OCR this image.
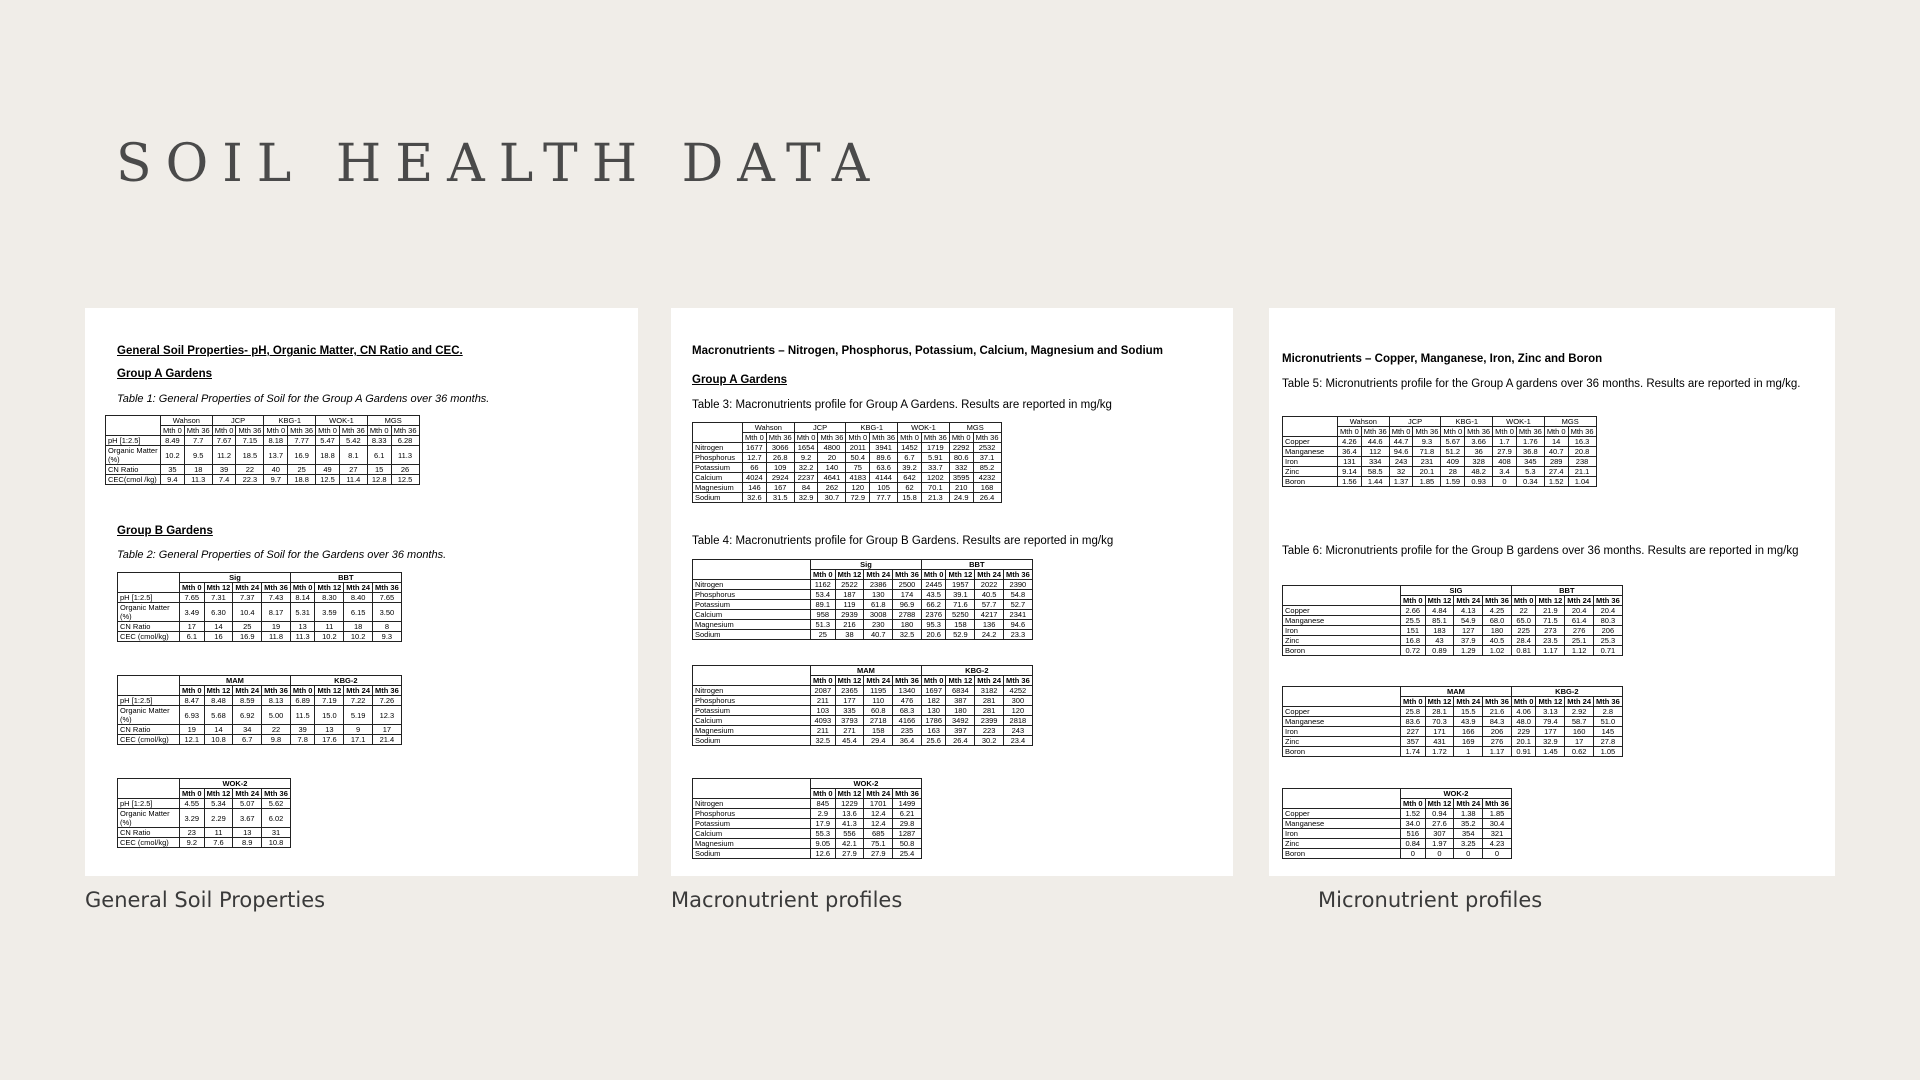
SOIL HEALTH DATA
General Soil Properties- pH, Organic Matter, CN Ratio and CEC.
Group A Gardens
Table 1: General Properties of Soil for the Group A Gardens over 36 months.
	Wahson		JCP		KBG-1		WOK-1		MGS	
	Mth 0	Mth 36	Mth 0	Mth 36	Mth 0	Mth 36	Mth 0	Mth 36	Mth 0	Mth 36
pH [1:2.5]	8.49	7.7	7.67	7.15	8.18	7.77	5.47	5.42	8.33	6.28
Organic Matter (%)	10.2	9.5	11.2	18.5	13.7	16.9	18.8	8.1	6.1	11.3
CN Ratio	35	18	39	22	40	25	49	27	15	26
CEC(cmol /kg)	9.4	11.3	7.4	22.3	9.7	18.8	12.5	11.4	12.8	12.5
Group B Gardens
Table 2: General Properties of Soil for the Gardens over 36 months.
	Sig				BBT			
	Mth 0	Mth 12	Mth 24	Mth 36	Mth 0	Mth 12	Mth 24	Mth 36
pH [1:2.5]	7.65	7.31	7.37	7.43	8.14	8.30	8.40	7.65
Organic Matter (%)	3.49	6.30	10.4	8.17	5.31	3.59	6.15	3.50
CN Ratio	17	14	25	19	13	11	18	8
CEC (cmol/kg)	6.1	16	16.9	11.8	11.3	10.2	10.2	9.3
	MAM				KBG-2			
	Mth 0	Mth 12	Mth 24	Mth 36	Mth 0	Mth 12	Mth 24	Mth 36
pH [1:2.5]	8.47	8.48	8.59	8.13	6.89	7.19	7.22	7.26
Organic Matter (%)	6.93	5.68	6.92	5.00	11.5	15.0	5.19	12.3
CN Ratio	19	14	34	22	39	13	9	17
CEC (cmol/kg)	12.1	10.8	6.7	9.8	7.8	17.6	17.1	21.4
	WOK-2			
	Mth 0	Mth 12	Mth 24	Mth 36
pH [1:2.5]	4.55	5.34	5.07	5.62
Organic Matter (%)	3.29	2.29	3.67	6.02
CN Ratio	23	11	13	31
CEC (cmol/kg)	9.2	7.6	8.9	10.8
Macronutrients – Nitrogen, Phosphorus, Potassium, Calcium, Magnesium and Sodium
Group A Gardens
Table 3: Macronutrients profile for Group A Gardens. Results are reported in mg/kg
	Wahson		JCP		KBG-1		WOK-1		MGS	
	Mth 0	Mth 36	Mth 0	Mth 36	Mth 0	Mth 36	Mth 0	Mth 36	Mth 0	Mth 36
Nitrogen	1677	3066	1654	4800	2011	3941	1452	1719	2292	2532
Phosphorus	12.7	26.8	9.2	20	50.4	89.6	6.7	5.91	80.6	37.1
Potassium	66	109	32.2	140	75	63.6	39.2	33.7	332	85.2
Calcium	4024	2924	2237	4641	4183	4144	642	1202	3595	4232
Magnesium	146	167	84	262	120	105	62	70.1	210	168
Sodium	32.6	31.5	32.9	30.7	72.9	77.7	15.8	21.3	24.9	26.4
Table 4: Macronutrients profile for Group B Gardens. Results are reported in mg/kg
	Sig				BBT			
	Mth 0	Mth 12	Mth 24	Mth 36	Mth 0	Mth 12	Mth 24	Mth 36
Nitrogen	1162	2522	2386	2500	2445	1957	2022	2390
Phosphorus	53.4	187	130	174	43.5	39.1	40.5	54.8
Potassium	89.1	119	61.8	96.9	66.2	71.6	57.7	52.7
Calcium	958	2939	3008	2788	2376	5250	4217	2341
Magnesium	51.3	216	230	180	95.3	158	136	94.6
Sodium	25	38	40.7	32.5	20.6	52.9	24.2	23.3
	MAM				KBG-2			
	Mth 0	Mth 12	Mth 24	Mth 36	Mth 0	Mth 12	Mth 24	Mth 36
Nitrogen	2087	2365	1195	1340	1697	6834	3182	4252
Phosphorus	211	177	110	476	182	387	281	300
Potassium	103	335	60.8	68.3	130	180	281	120
Calcium	4093	3793	2718	4166	1786	3492	2399	2818
Magnesium	211	271	158	235	163	397	223	243
Sodium	32.5	45.4	29.4	36.4	25.6	26.4	30.2	23.4
	WOK-2			
	Mth 0	Mth 12	Mth 24	Mth 36
Nitrogen	845	1229	1701	1499
Phosphorus	2.9	13.6	12.4	6.21
Potassium	17.9	41.3	12.4	29.8
Calcium	55.3	556	685	1287
Magnesium	9.05	42.1	75.1	50.8
Sodium	12.6	27.9	27.9	25.4
Micronutrients – Copper, Manganese, Iron, Zinc and Boron
Table 5: Micronutrients profile for the Group A gardens over 36 months. Results are reported in mg/kg.
	Wahson		JCP		KBG-1		WOK-1		MGS	
	Mth 0	Mth 36	Mth 0	Mth 36	Mth 0	Mth 36	Mth 0	Mth 36	Mth 0	Mth 36
Copper	4.26	44.6	44.7	9.3	5.67	3.66	1.7	1.76	14	16.3
Manganese	36.4	112	94.6	71.8	51.2	36	27.9	36.8	40.7	20.8
Iron	131	334	243	231	409	328	408	345	289	238
Zinc	9.14	58.5	32	20.1	28	48.2	3.4	5.3	27.4	21.1
Boron	1.56	1.44	1.37	1.85	1.59	0.93	0	0.34	1.52	1.04
Table 6: Micronutrients profile for the Group B gardens over 36 months. Results are reported in mg/kg
	SIG				BBT			
	Mth 0	Mth 12	Mth 24	Mth 36	Mth 0	Mth 12	Mth 24	Mth 36
Copper	2.66	4.84	4.13	4.25	22	21.9	20.4	20.4
Manganese	25.5	85.1	54.9	68.0	65.0	71.5	61.4	80.3
Iron	151	183	127	180	225	273	276	206
Zinc	16.8	43	37.9	40.5	28.4	23.5	25.1	25.3
Boron	0.72	0.89	1.29	1.02	0.81	1.17	1.12	0.71
	MAM				KBG-2			
	Mth 0	Mth 12	Mth 24	Mth 36	Mth 0	Mth 12	Mth 24	Mth 36
Copper	25.8	28.1	15.5	21.6	4.06	3.13	2.92	2.8
Manganese	83.6	70.3	43.9	84.3	48.0	79.4	58.7	51.0
Iron	227	171	166	206	229	177	160	145
Zinc	357	431	169	276	20.1	32.9	17	27.8
Boron	1.74	1.72	1	1.17	0.91	1.45	0.62	1.05
	WOK-2			
	Mth 0	Mth 12	Mth 24	Mth 36
Copper	1.52	0.94	1.38	1.85
Manganese	34.0	27.6	35.2	30.4
Iron	516	307	354	321
Zinc	0.84	1.97	3.25	4.23
Boron	0	0	0	0
General Soil Properties	Macronutrient profiles	Micronutrient profiles
